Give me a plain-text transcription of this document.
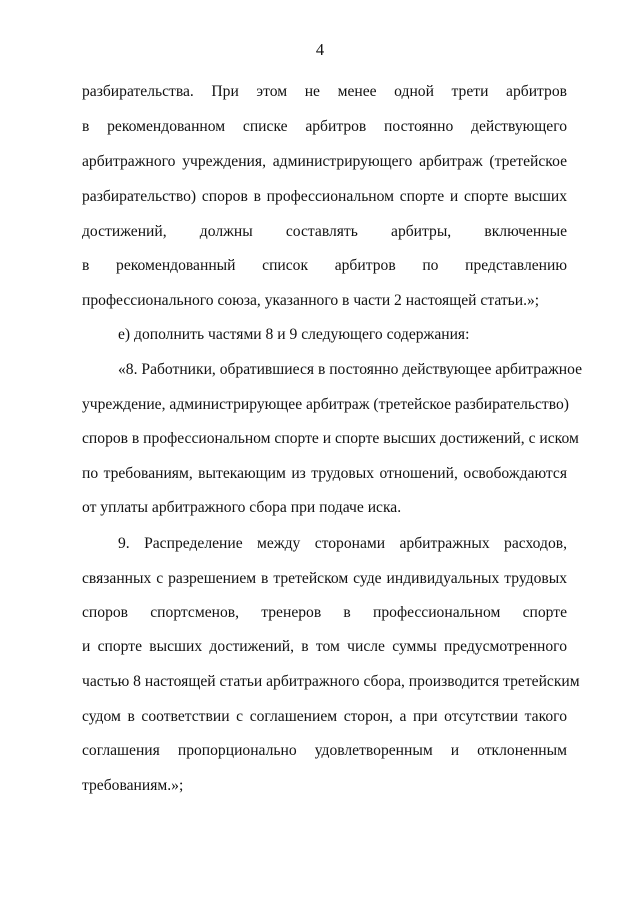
4
разбирательства. При этом не менее одной трети арбитров
в рекомендованном списке арбитров постоянно действующего
арбитражного учреждения, администрирующего арбитраж (третейское
разбирательство) споров в профессиональном спорте и спорте высших
достижений, должны составлять арбитры, включенные
в рекомендованный список арбитров по представлению
профессионального союза, указанного в части 2 настоящей статьи.»;
е) дополнить частями 8 и 9 следующего содержания:
«8. Работники, обратившиеся в постоянно действующее арбитражное
учреждение, администрирующее арбитраж (третейское разбирательство)
споров в профессиональном спорте и спорте высших достижений, с иском
по требованиям, вытекающим из трудовых отношений, освобождаются
от уплаты арбитражного сбора при подаче иска.
9. Распределение между сторонами арбитражных расходов,
связанных с разрешением в третейском суде индивидуальных трудовых
споров спортсменов, тренеров в профессиональном спорте
и спорте высших достижений, в том числе суммы предусмотренного
частью 8 настоящей статьи арбитражного сбора, производится третейским
судом в соответствии с соглашением сторон, а при отсутствии такого
соглашения пропорционально удовлетворенным и отклоненным
требованиям.»;
